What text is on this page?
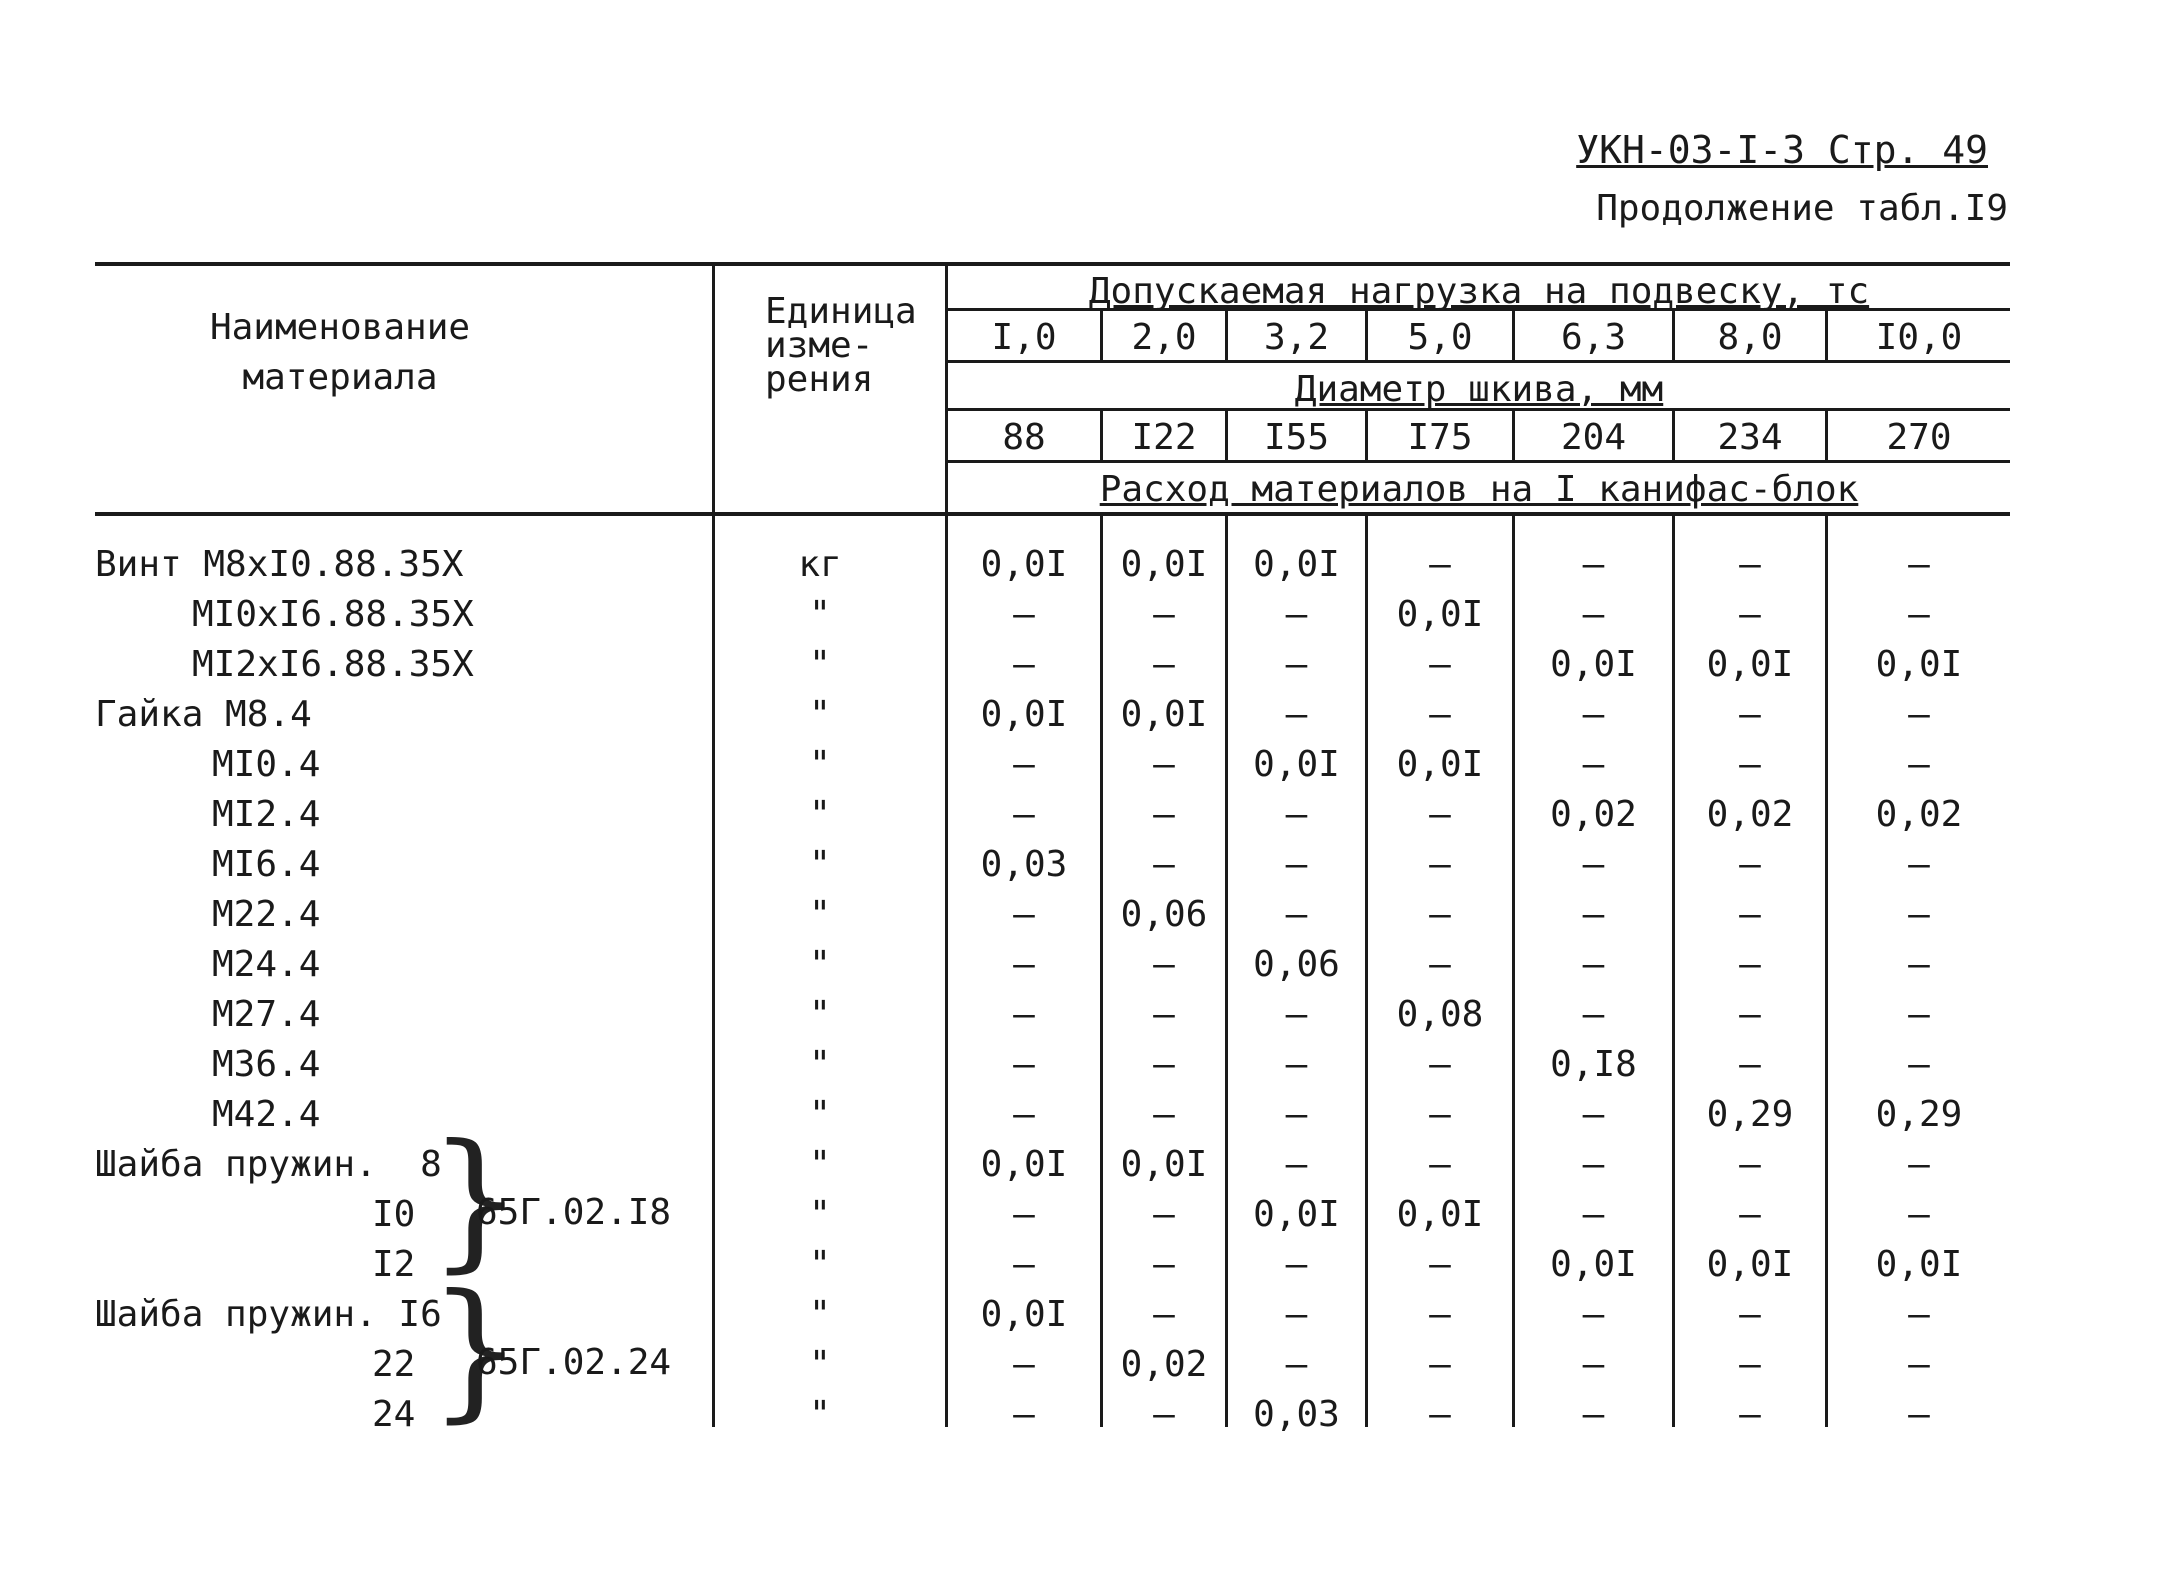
УКН-03-I-3 Стр. 49
Продолжение табл.I9
Наименование
материала
Единица
изме-
рения
Допускаемая нагрузка на подвеску, тс
Диаметр шкива, мм
Расход материалов на I канифас-блок
I,0	2,0	3,2	5,0	6,3	8,0	I0,0
88	I22	I55	I75	204	234	270
Винт М8хI0.88.35Х	кг	0,0I	0,0I	0,0I	–	–	–	–
МI0хI6.88.35Х	"	–	–	–	0,0I	–	–	–
МI2хI6.88.35Х	"	–	–	–	–	0,0I	0,0I	0,0I
Гайка М8.4	"	0,0I	0,0I	–	–	–	–	–
МI0.4	"	–	–	0,0I	0,0I	–	–	–
МI2.4	"	–	–	–	–	0,02	0,02	0,02
МI6.4	"	0,03	–	–	–	–	–	–
М22.4	"	–	0,06	–	–	–	–	–
М24.4	"	–	–	0,06	–	–	–	–
М27.4	"	–	–	–	0,08	–	–	–
М36.4	"	–	–	–	–	0,I8	–	–
М42.4	"	–	–	–	–	–	0,29	0,29
Шайба пружин.  8	"	0,0I	0,0I	–	–	–	–	–
I0	"	–	–	0,0I	0,0I	–	–	–
I2	"	–	–	–	–	0,0I	0,0I	0,0I
Шайба пружин. I6	"	0,0I	–	–	–	–	–	–
22	"	–	0,02	–	–	–	–	–
24	"	–	–	0,03	–	–	–	–
}
65Г.02.I8
}
65Г.02.24
